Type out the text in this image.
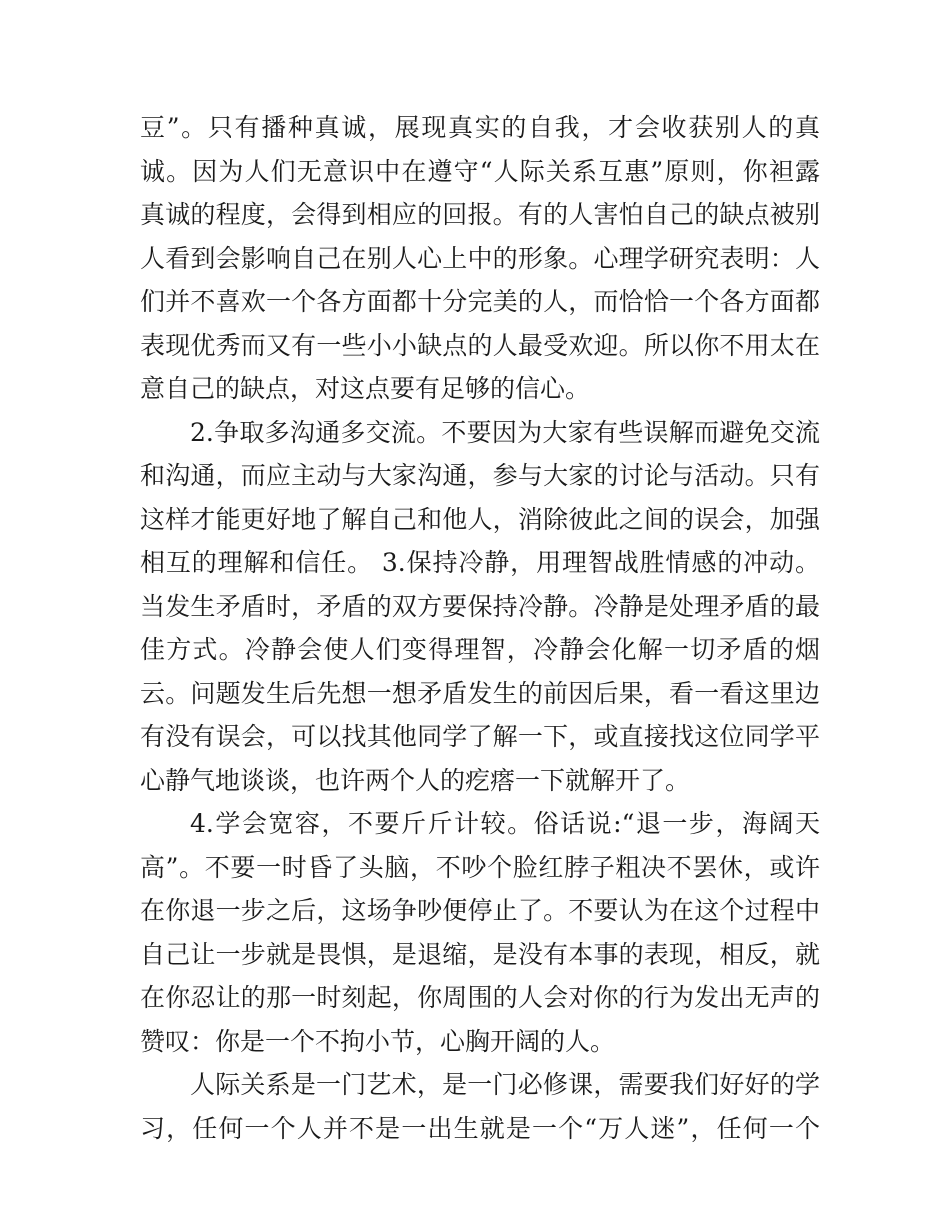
豆”。只有播种真诚，展现真实的自我，才会收获别人的真
诚。因为人们无意识中在遵守“人际关系互惠”原则，你袒露
真诚的程度，会得到相应的回报。有的人害怕自己的缺点被别
人看到会影响自己在别人心上中的形象。心理学研究表明：人
们并不喜欢一个各方面都十分完美的人，而恰恰一个各方面都
表现优秀而又有一些小小缺点的人最受欢迎。所以你不用太在
意自己的缺点，对这点要有足够的信心。
2.争取多沟通多交流。不要因为大家有些误解而避免交流
和沟通，而应主动与大家沟通，参与大家的讨论与活动。只有
这样才能更好地了解自己和他人，消除彼此之间的误会，加强
相互的理解和信任。 3.保持冷静，用理智战胜情感的冲动。
当发生矛盾时，矛盾的双方要保持冷静。冷静是处理矛盾的最
佳方式。冷静会使人们变得理智，冷静会化解一切矛盾的烟
云。问题发生后先想一想矛盾发生的前因后果，看一看这里边
有没有误会，可以找其他同学了解一下，或直接找这位同学平
心静气地谈谈，也许两个人的疙瘩一下就解开了。
4.学会宽容，不要斤斤计较。俗话说:“退一步，海阔天
高”。不要一时昏了头脑，不吵个脸红脖子粗决不罢休，或许
在你退一步之后，这场争吵便停止了。不要认为在这个过程中
自己让一步就是畏惧，是退缩，是没有本事的表现，相反，就
在你忍让的那一时刻起，你周围的人会对你的行为发出无声的
赞叹：你是一个不拘小节，心胸开阔的人。
人际关系是一门艺术，是一门必修课，需要我们好好的学
习，任何一个人并不是一出生就是一个“万人迷”，任何一个
